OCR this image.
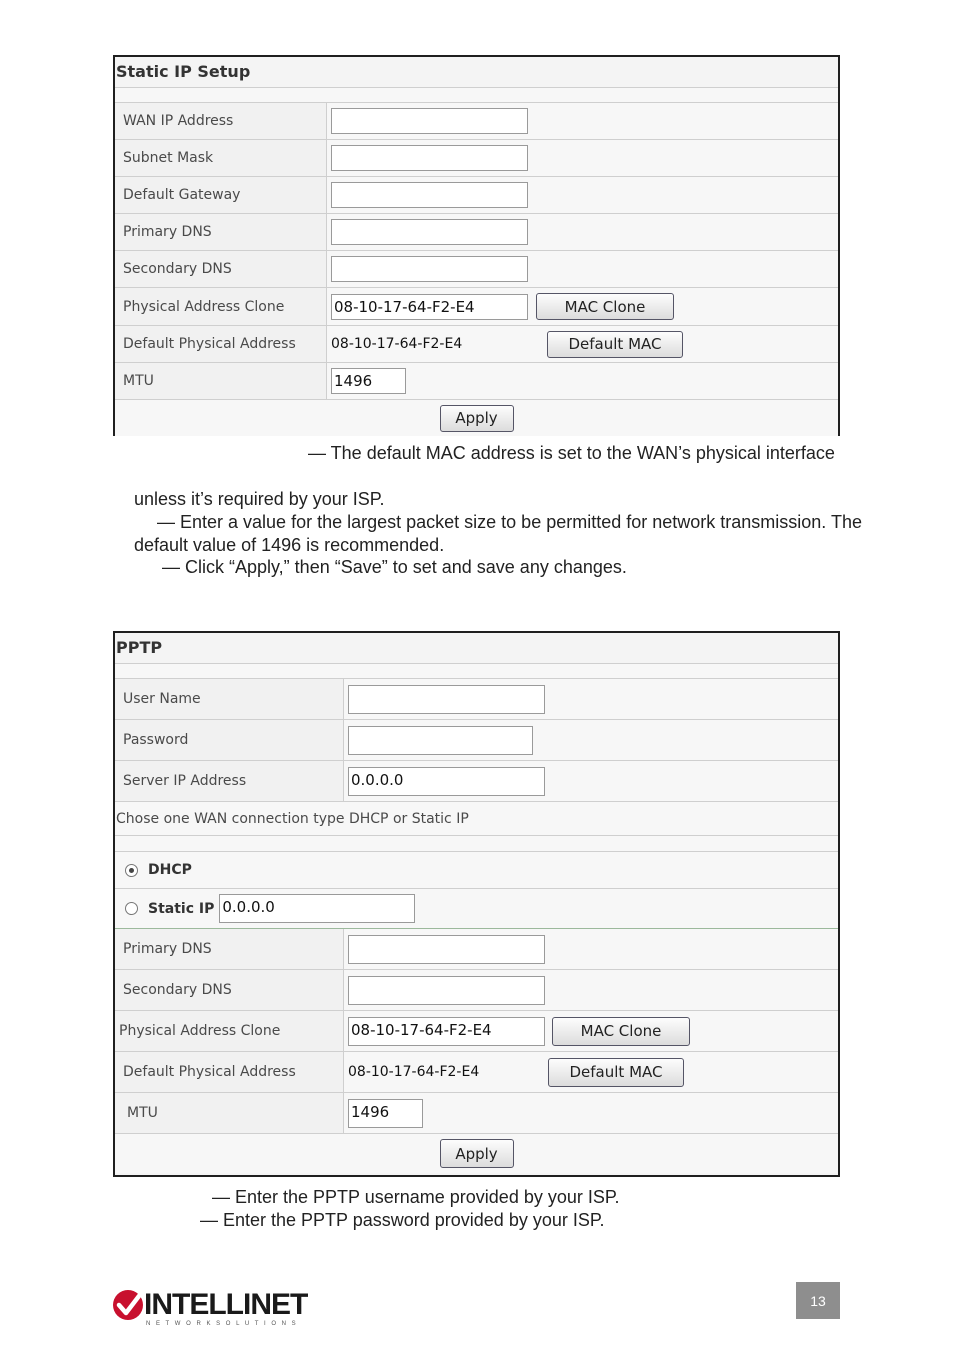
Static IP Setup
WAN IP Address
Subnet Mask
Default Gateway
Primary DNS
Secondary DNS
Physical Address Clone	08-10-17-64-F2-E4	MAC Clone
Default Physical Address	08-10-17-64-F2-E4	Default MAC
MTU	1496
Apply
— The default MAC address is set to the WAN’s physical interface
unless it’s required by your ISP.
— Enter a value for the largest packet size to be permitted for network transmission. The
default value of 1496 is recommended.
— Click “Apply,” then “Save” to set and save any changes.
PPTP
User Name
Password
Server IP Address	0.0.0.0
Chose one WAN connection type DHCP or Static IP
DHCP
Static IP 0.0.0.0
Primary DNS
Secondary DNS
Physical Address Clone	08-10-17-64-F2-E4	MAC Clone
Default Physical Address	08-10-17-64-F2-E4	Default MAC
MTU	1496
Apply
— Enter the PPTP username provided by your ISP.
— Enter the PPTP password provided by your ISP.
INTELLINET
N E T W O R K S O L U T I O N S
13
